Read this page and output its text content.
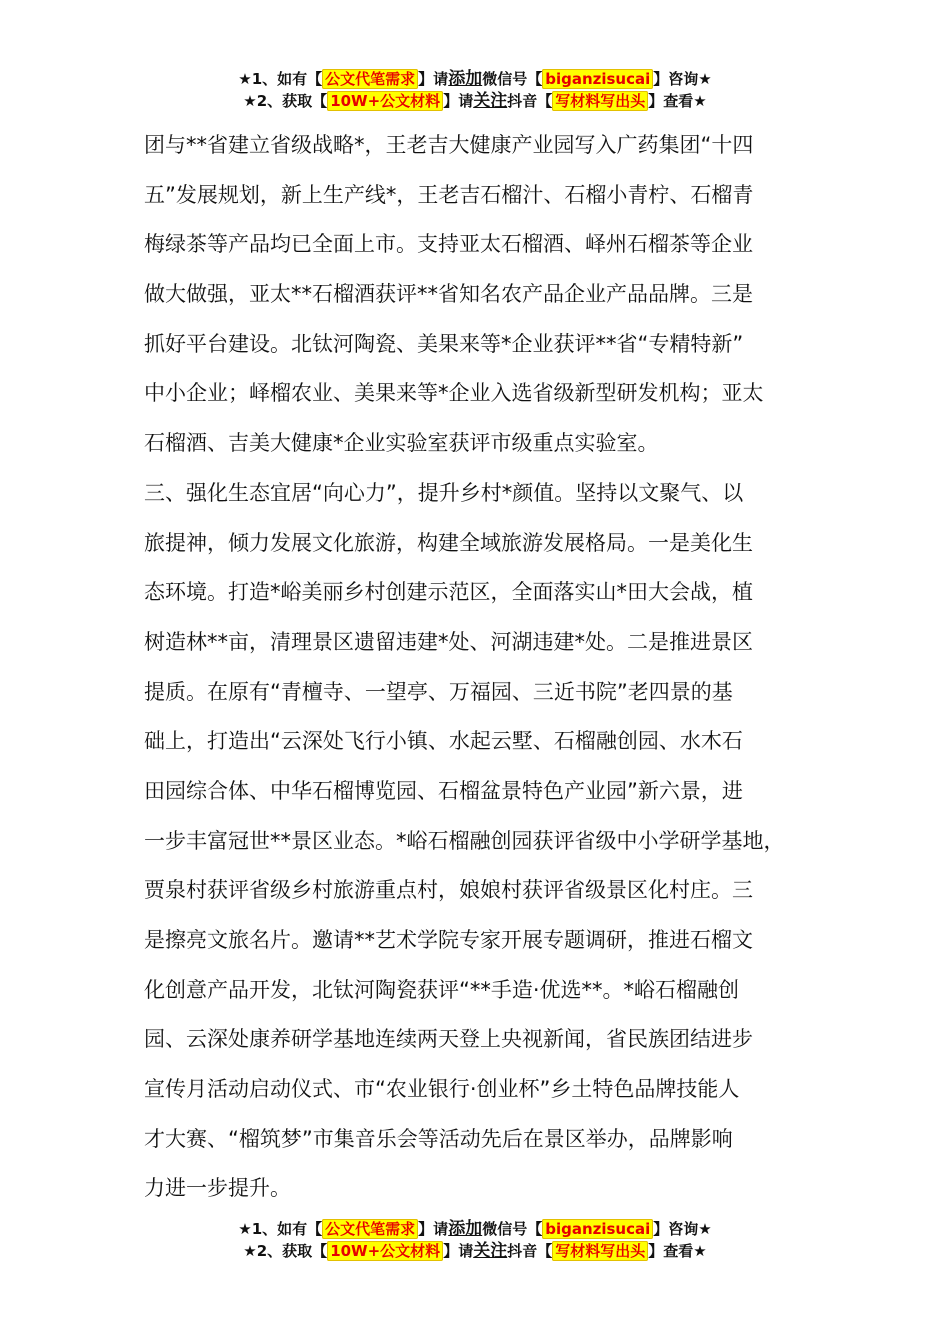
★1、如有【 公文代笔需求 】请添加微信号【 biganzisucai 】咨询★
★2、获取【 10W+公文材料 】请关注抖音【 写材料写出头 】查看★
团与**省建立省级战略*，王老吉大健康产业园写入广药集团“十四
五”发展规划，新上生产线*，王老吉石榴汁、石榴小青柠、石榴青
梅绿茶等产品均已全面上市。支持亚太石榴酒、峄州石榴茶等企业
做大做强，亚太**石榴酒获评**省知名农产品企业产品品牌。三是
抓好平台建设。北钛河陶瓷、美果来等*企业获评**省“专精特新”
中小企业；峄榴农业、美果来等*企业入选省级新型研发机构；亚太
石榴酒、吉美大健康*企业实验室获评市级重点实验室。
三、强化生态宜居“向心力”，提升乡村*颜值。坚持以文聚气、以
旅提神，倾力发展文化旅游，构建全域旅游发展格局。一是美化生
态环境。打造*峪美丽乡村创建示范区，全面落实山*田大会战，植
树造林**亩，清理景区遗留违建*处、河湖违建*处。二是推进景区
提质。在原有“青檀寺、一望亭、万福园、三近书院”老四景的基
础上，打造出“云深处飞行小镇、水起云墅、石榴融创园、水木石
田园综合体、中华石榴博览园、石榴盆景特色产业园”新六景，进
一步丰富冠世**景区业态。*峪石榴融创园获评省级中小学研学基地，
贾泉村获评省级乡村旅游重点村，娘娘村获评省级景区化村庄。三
是擦亮文旅名片。邀请**艺术学院专家开展专题调研，推进石榴文
化创意产品开发，北钛河陶瓷获评“**手造·优选**。*峪石榴融创
园、云深处康养研学基地连续两天登上央视新闻，省民族团结进步
宣传月活动启动仪式、市“农业银行·创业杯”乡土特色品牌技能人
才大赛、“榴筑梦”市集音乐会等活动先后在景区举办，品牌影响
力进一步提升。
★1、如有【 公文代笔需求 】请添加微信号【 biganzisucai 】咨询★
★2、获取【 10W+公文材料 】请关注抖音【 写材料写出头 】查看★
